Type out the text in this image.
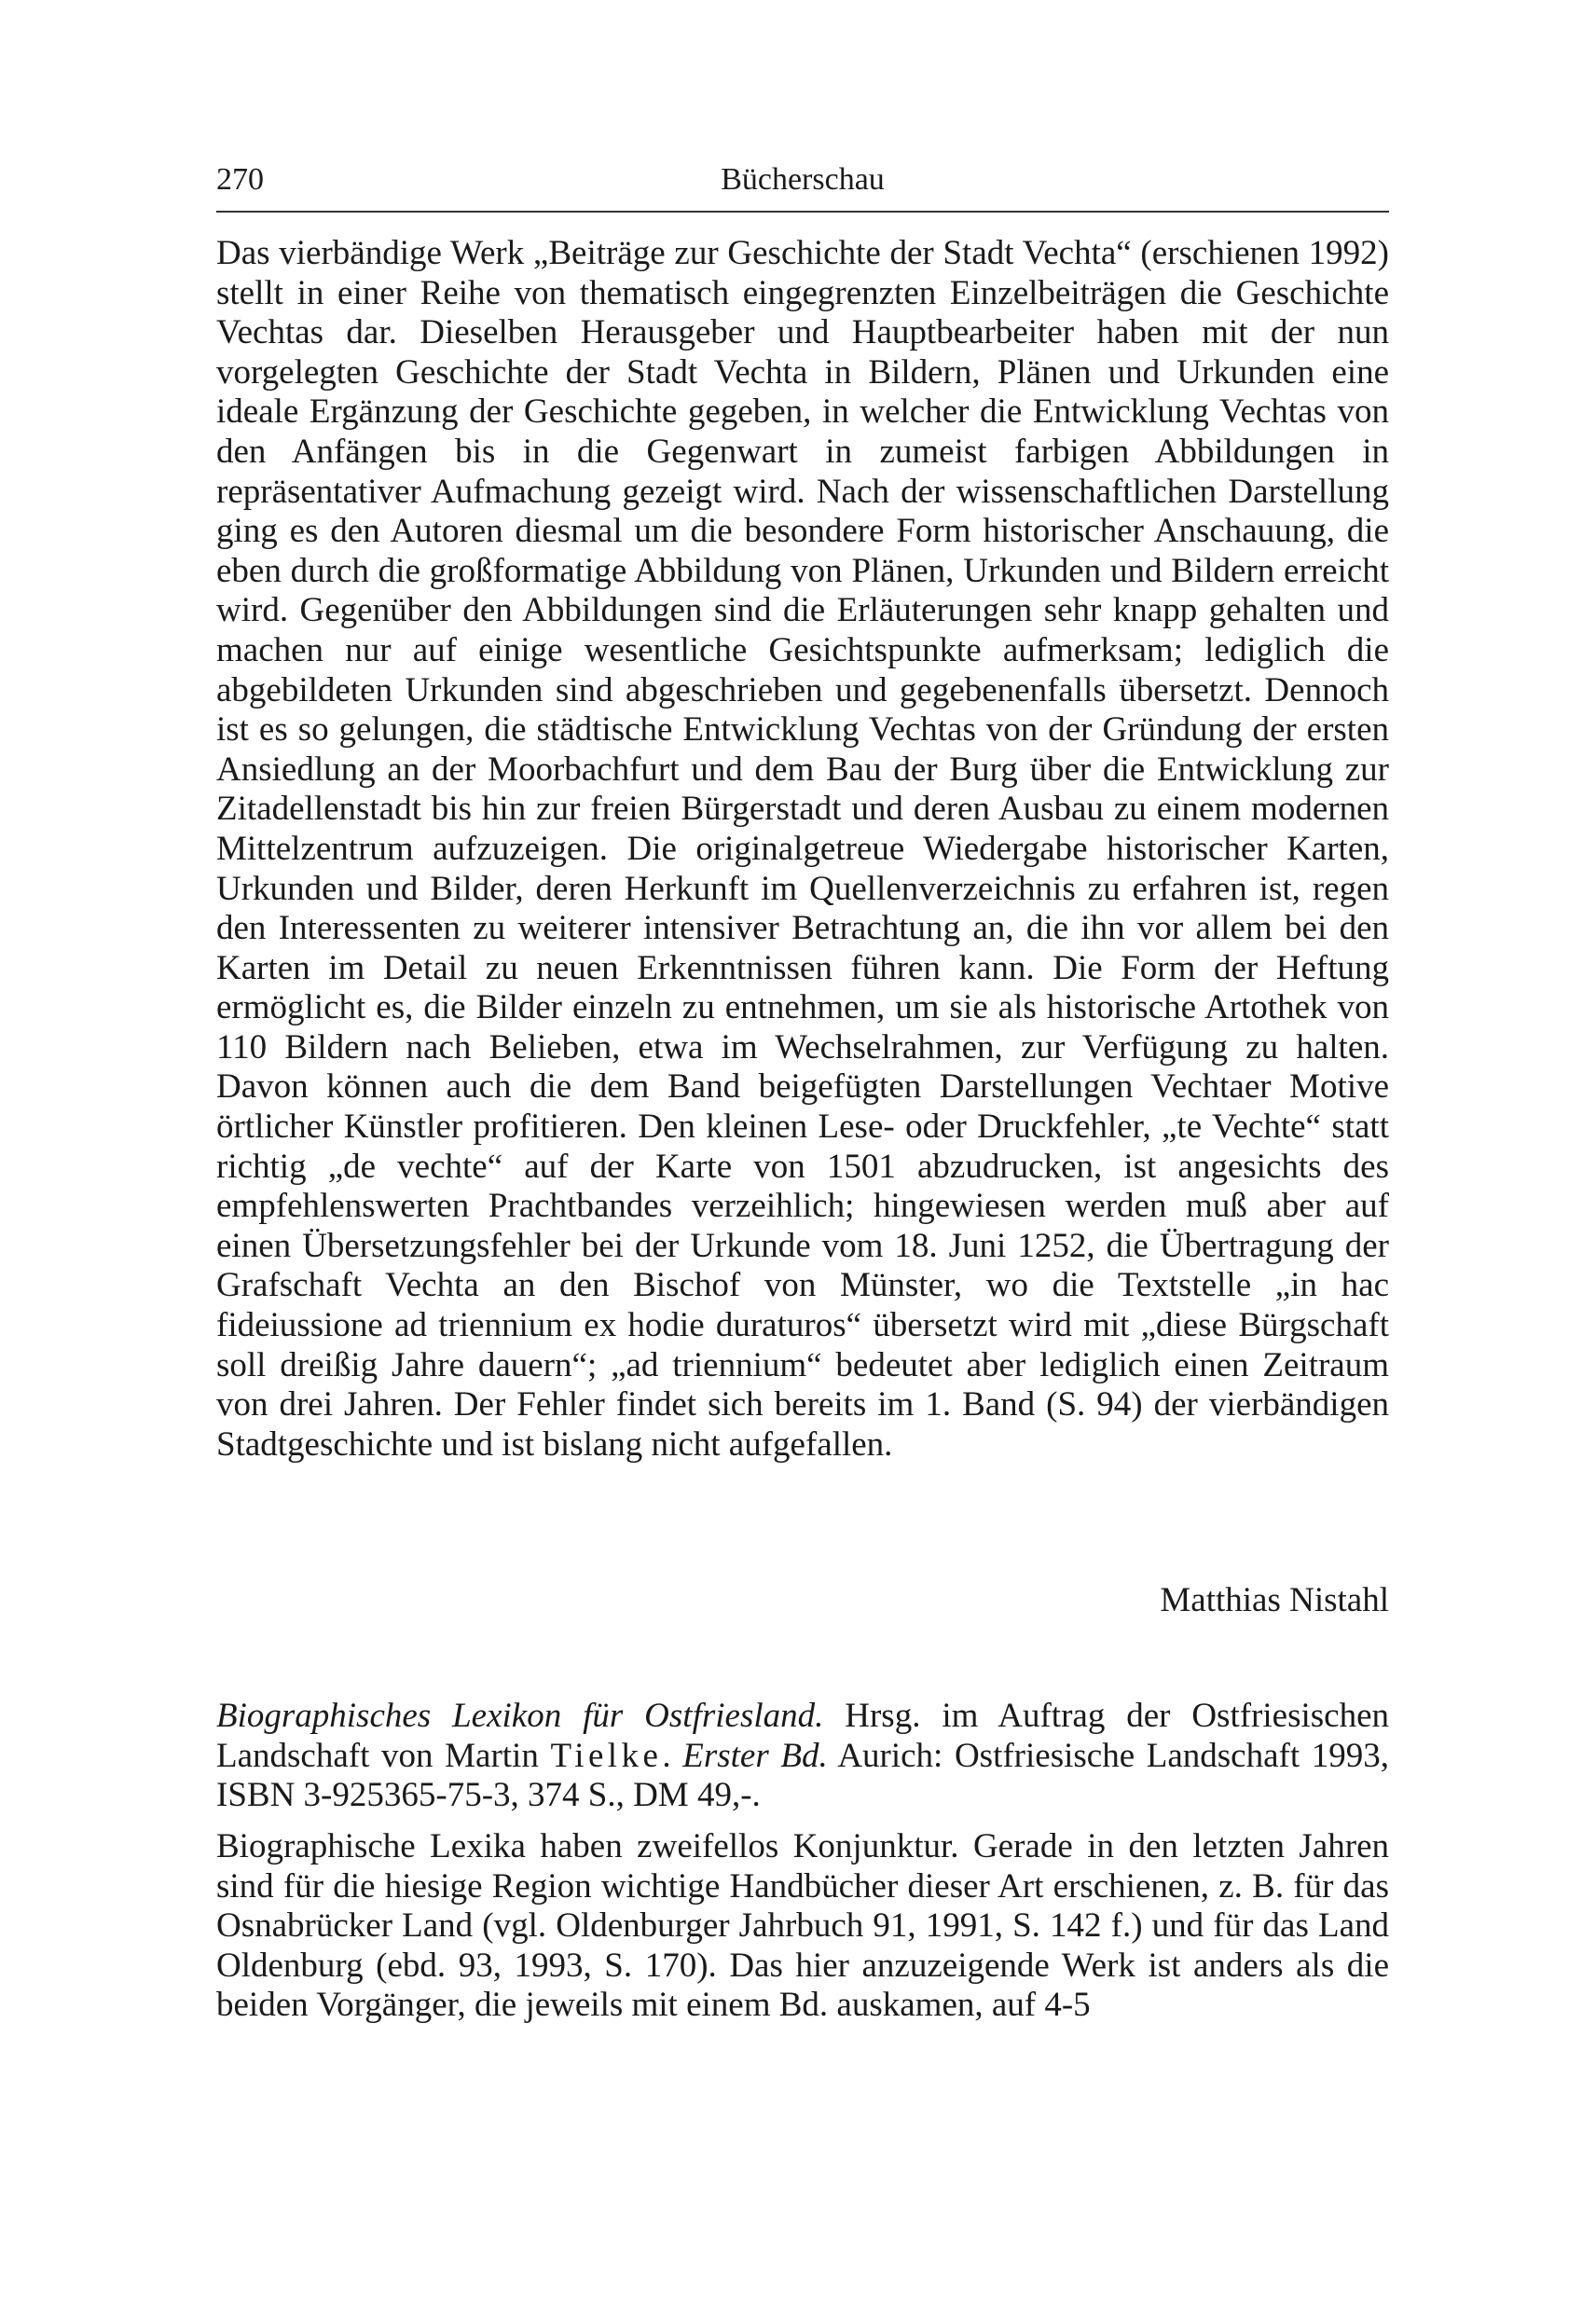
270	Bücherschau

Das vierbändige Werk „Beiträge zur Geschichte der Stadt Vechta“ (erschienen 1992) stellt in einer Reihe von thematisch eingegrenzten Einzelbeiträgen die Geschichte Vechtas dar. Dieselben Herausgeber und Hauptbearbeiter haben mit der nun vorgelegten Geschichte der Stadt Vechta in Bildern, Plänen und Urkunden eine ideale Ergänzung der Geschichte gegeben, in welcher die Entwicklung Vechtas von den Anfängen bis in die Gegenwart in zumeist farbigen Abbildungen in repräsentativer Aufmachung gezeigt wird. Nach der wissenschaftlichen Darstellung ging es den Autoren diesmal um die besondere Form historischer Anschauung, die eben durch die großformatige Abbildung von Plänen, Urkunden und Bildern erreicht wird. Gegenüber den Abbildungen sind die Erläuterungen sehr knapp gehalten und machen nur auf einige wesentliche Gesichtspunkte aufmerksam; lediglich die abgebildeten Urkunden sind abgeschrieben und gegebenenfalls übersetzt. Dennoch ist es so gelungen, die städtische Entwicklung Vechtas von der Gründung der ersten Ansiedlung an der Moorbachfurt und dem Bau der Burg über die Entwicklung zur Zitadellenstadt bis hin zur freien Bürgerstadt und deren Ausbau zu einem modernen Mittelzentrum aufzuzeigen. Die originalgetreue Wiedergabe historischer Karten, Urkunden und Bilder, deren Herkunft im Quellenverzeichnis zu erfahren ist, regen den Interessenten zu weiterer intensiver Betrachtung an, die ihn vor allem bei den Karten im Detail zu neuen Erkenntnissen führen kann. Die Form der Heftung ermöglicht es, die Bilder einzeln zu entnehmen, um sie als historische Artothek von 110 Bildern nach Belieben, etwa im Wechselrahmen, zur Verfügung zu halten. Davon können auch die dem Band beigefügten Darstellungen Vechtaer Motive örtlicher Künstler profitieren. Den kleinen Lese- oder Druckfehler, „te Vechte“ statt richtig „de vechte“ auf der Karte von 1501 abzudrucken, ist angesichts des empfehlenswerten Prachtbandes verzeihlich; hingewiesen werden muß aber auf einen Übersetzungsfehler bei der Urkunde vom 18. Juni 1252, die Übertragung der Grafschaft Vechta an den Bischof von Münster, wo die Textstelle „in hac fideiussione ad triennium ex hodie duraturos“ übersetzt wird mit „diese Bürgschaft soll dreißig Jahre dauern“; „ad triennium“ bedeutet aber lediglich einen Zeitraum von drei Jahren. Der Fehler findet sich bereits im 1. Band (S. 94) der vierbändigen Stadtgeschichte und ist bislang nicht aufgefallen.

Matthias Nistahl

Biographisches Lexikon für Ostfriesland. Hrsg. im Auftrag der Ostfriesischen Landschaft von Martin Tielke. Erster Bd. Aurich: Ostfriesische Landschaft 1993, ISBN 3-925365-75-3, 374 S., DM 49,-.

Biographische Lexika haben zweifellos Konjunktur. Gerade in den letzten Jahren sind für die hiesige Region wichtige Handbücher dieser Art erschienen, z. B. für das Osnabrücker Land (vgl. Oldenburger Jahrbuch 91, 1991, S. 142 f.) und für das Land Oldenburg (ebd. 93, 1993, S. 170). Das hier anzuzeigende Werk ist anders als die beiden Vorgänger, die jeweils mit einem Bd. auskamen, auf 4-5
